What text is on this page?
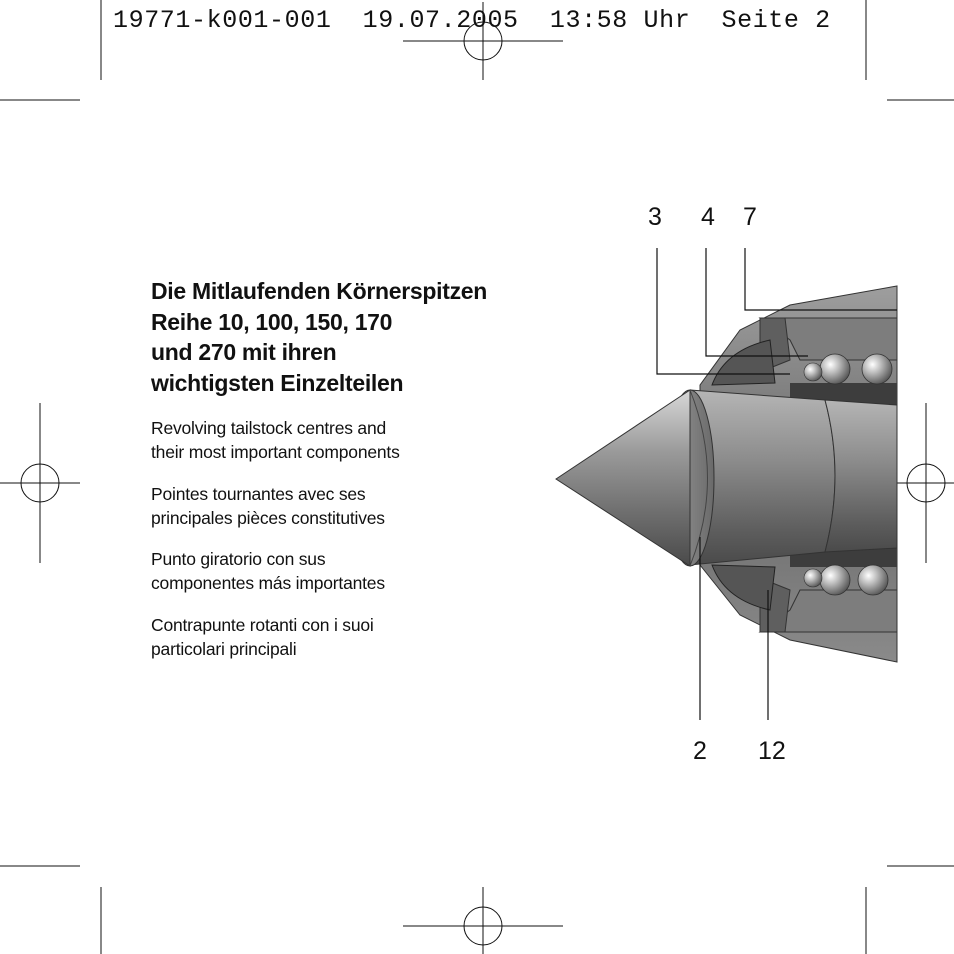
19771-k001-001  19.07.2005  13:58 Uhr  Seite 2
Die Mitlaufenden Körnerspitzen
Reihe 10, 100, 150, 170
und 270 mit ihren
wichtigsten Einzelteilen

Revolving tailstock centres and
their most important components

Pointes tournantes avec ses
principales pièces constitutives

Punto giratorio con sus
componentes más importantes

Contrapunte rotanti con i suoi
particolari principali

3 4 7
2 12
